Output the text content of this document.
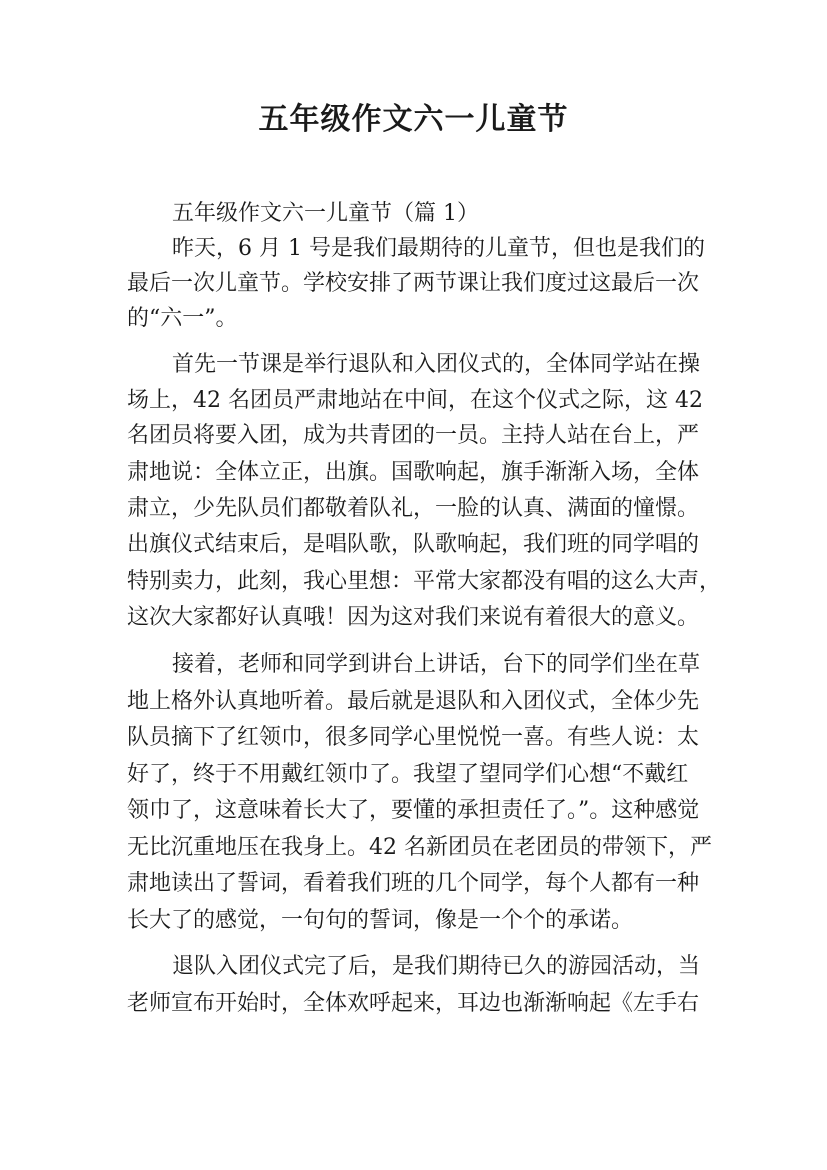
五年级作文六一儿童节
五年级作文六一儿童节（篇 1）
昨天，6 月 1 号是我们最期待的儿童节，但也是我们的
最后一次儿童节。学校安排了两节课让我们度过这最后一次
的“六一”。
首先一节课是举行退队和入团仪式的，全体同学站在操
场上，42 名团员严肃地站在中间，在这个仪式之际，这 42
名团员将要入团，成为共青团的一员。主持人站在台上，严
肃地说：全体立正，出旗。国歌响起，旗手渐渐入场，全体
肃立，少先队员们都敬着队礼，一脸的认真、满面的憧憬。
出旗仪式结束后，是唱队歌，队歌响起，我们班的同学唱的
特别卖力，此刻，我心里想：平常大家都没有唱的这么大声，
这次大家都好认真哦！因为这对我们来说有着很大的意义。
接着，老师和同学到讲台上讲话，台下的同学们坐在草
地上格外认真地听着。最后就是退队和入团仪式，全体少先
队员摘下了红领巾，很多同学心里悦悦一喜。有些人说：太
好了，终于不用戴红领巾了。我望了望同学们心想“不戴红
领巾了，这意味着长大了，要懂的承担责任了。”。这种感觉
无比沉重地压在我身上。42 名新团员在老团员的带领下，严
肃地读出了誓词，看着我们班的几个同学，每个人都有一种
长大了的感觉，一句句的誓词，像是一个个的承诺。
退队入团仪式完了后，是我们期待已久的游园活动，当
老师宣布开始时，全体欢呼起来，耳边也渐渐响起《左手右
